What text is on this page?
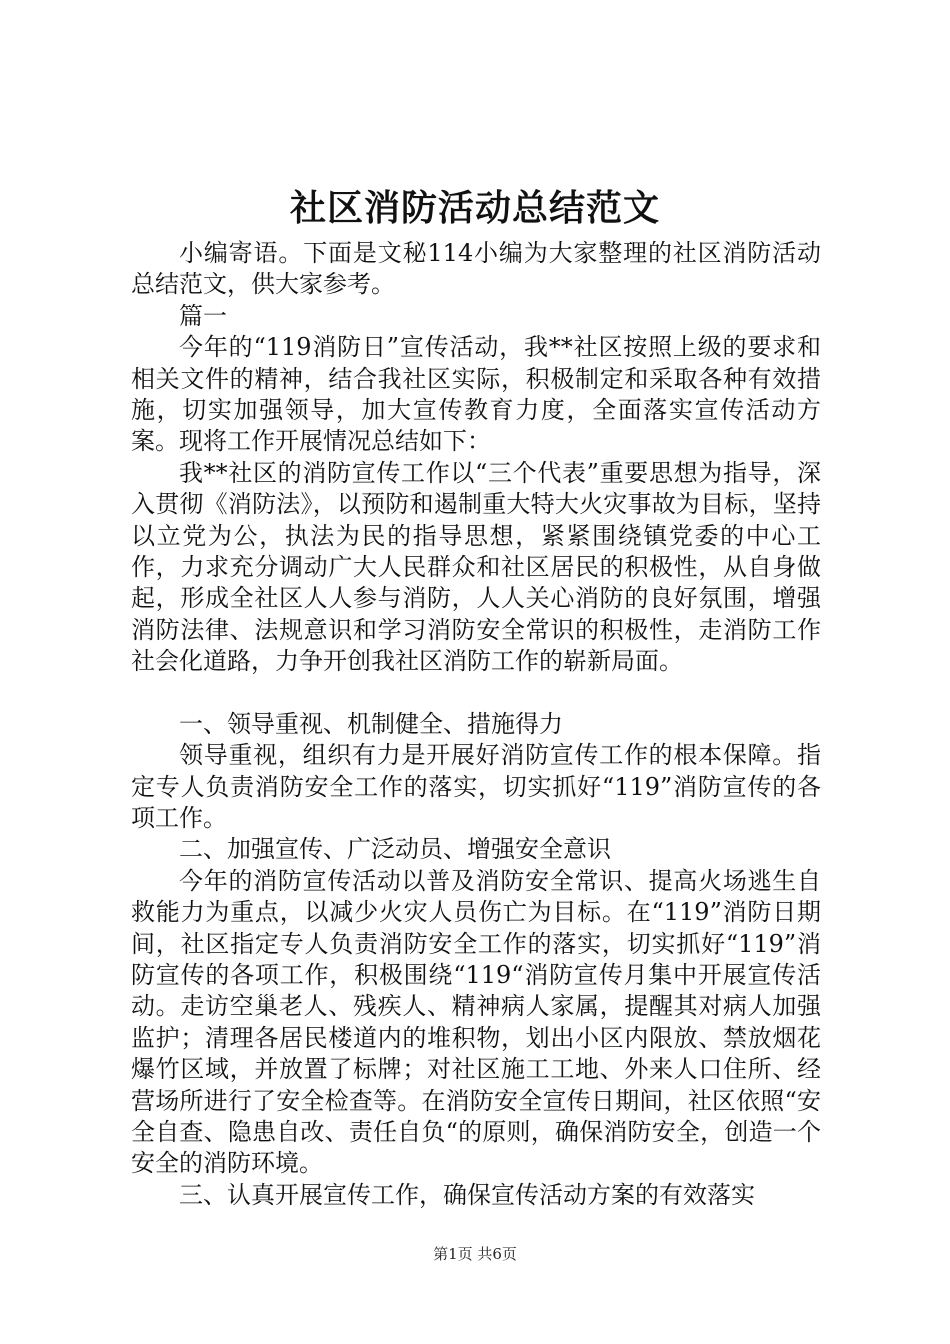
社区消防活动总结范文

小编寄语。下面是文秘114小编为大家整理的社区消防活动总结范文，供大家参考。

篇一

今年的“119消防日”宣传活动，我**社区按照上级的要求和相关文件的精神，结合我社区实际，积极制定和采取各种有效措施，切实加强领导，加大宣传教育力度，全面落实宣传活动方案。现将工作开展情况总结如下：

我**社区的消防宣传工作以“三个代表”重要思想为指导，深入贯彻《消防法》，以预防和遏制重大特大火灾事故为目标，坚持以立党为公，执法为民的指导思想，紧紧围绕镇党委的中心工作，力求充分调动广大人民群众和社区居民的积极性，从自身做起，形成全社区人人参与消防，人人关心消防的良好氛围，增强消防法律、法规意识和学习消防安全常识的积极性，走消防工作社会化道路，力争开创我社区消防工作的崭新局面。

一、领导重视、机制健全、措施得力

领导重视，组织有力是开展好消防宣传工作的根本保障。指定专人负责消防安全工作的落实，切实抓好“119”消防宣传的各项工作。

二、加强宣传、广泛动员、增强安全意识

今年的消防宣传活动以普及消防安全常识、提高火场逃生自救能力为重点，以减少火灾人员伤亡为目标。在“119”消防日期间，社区指定专人负责消防安全工作的落实，切实抓好“119”消防宣传的各项工作，积极围绕“119“消防宣传月集中开展宣传活动。走访空巢老人、残疾人、精神病人家属，提醒其对病人加强监护；清理各居民楼道内的堆积物，划出小区内限放、禁放烟花爆竹区域，并放置了标牌；对社区施工工地、外来人口住所、经营场所进行了安全检查等。在消防安全宣传日期间，社区依照“安全自查、隐患自改、责任自负“的原则，确保消防安全，创造一个安全的消防环境。

三、认真开展宣传工作，确保宣传活动方案的有效落实

第1页 共6页
